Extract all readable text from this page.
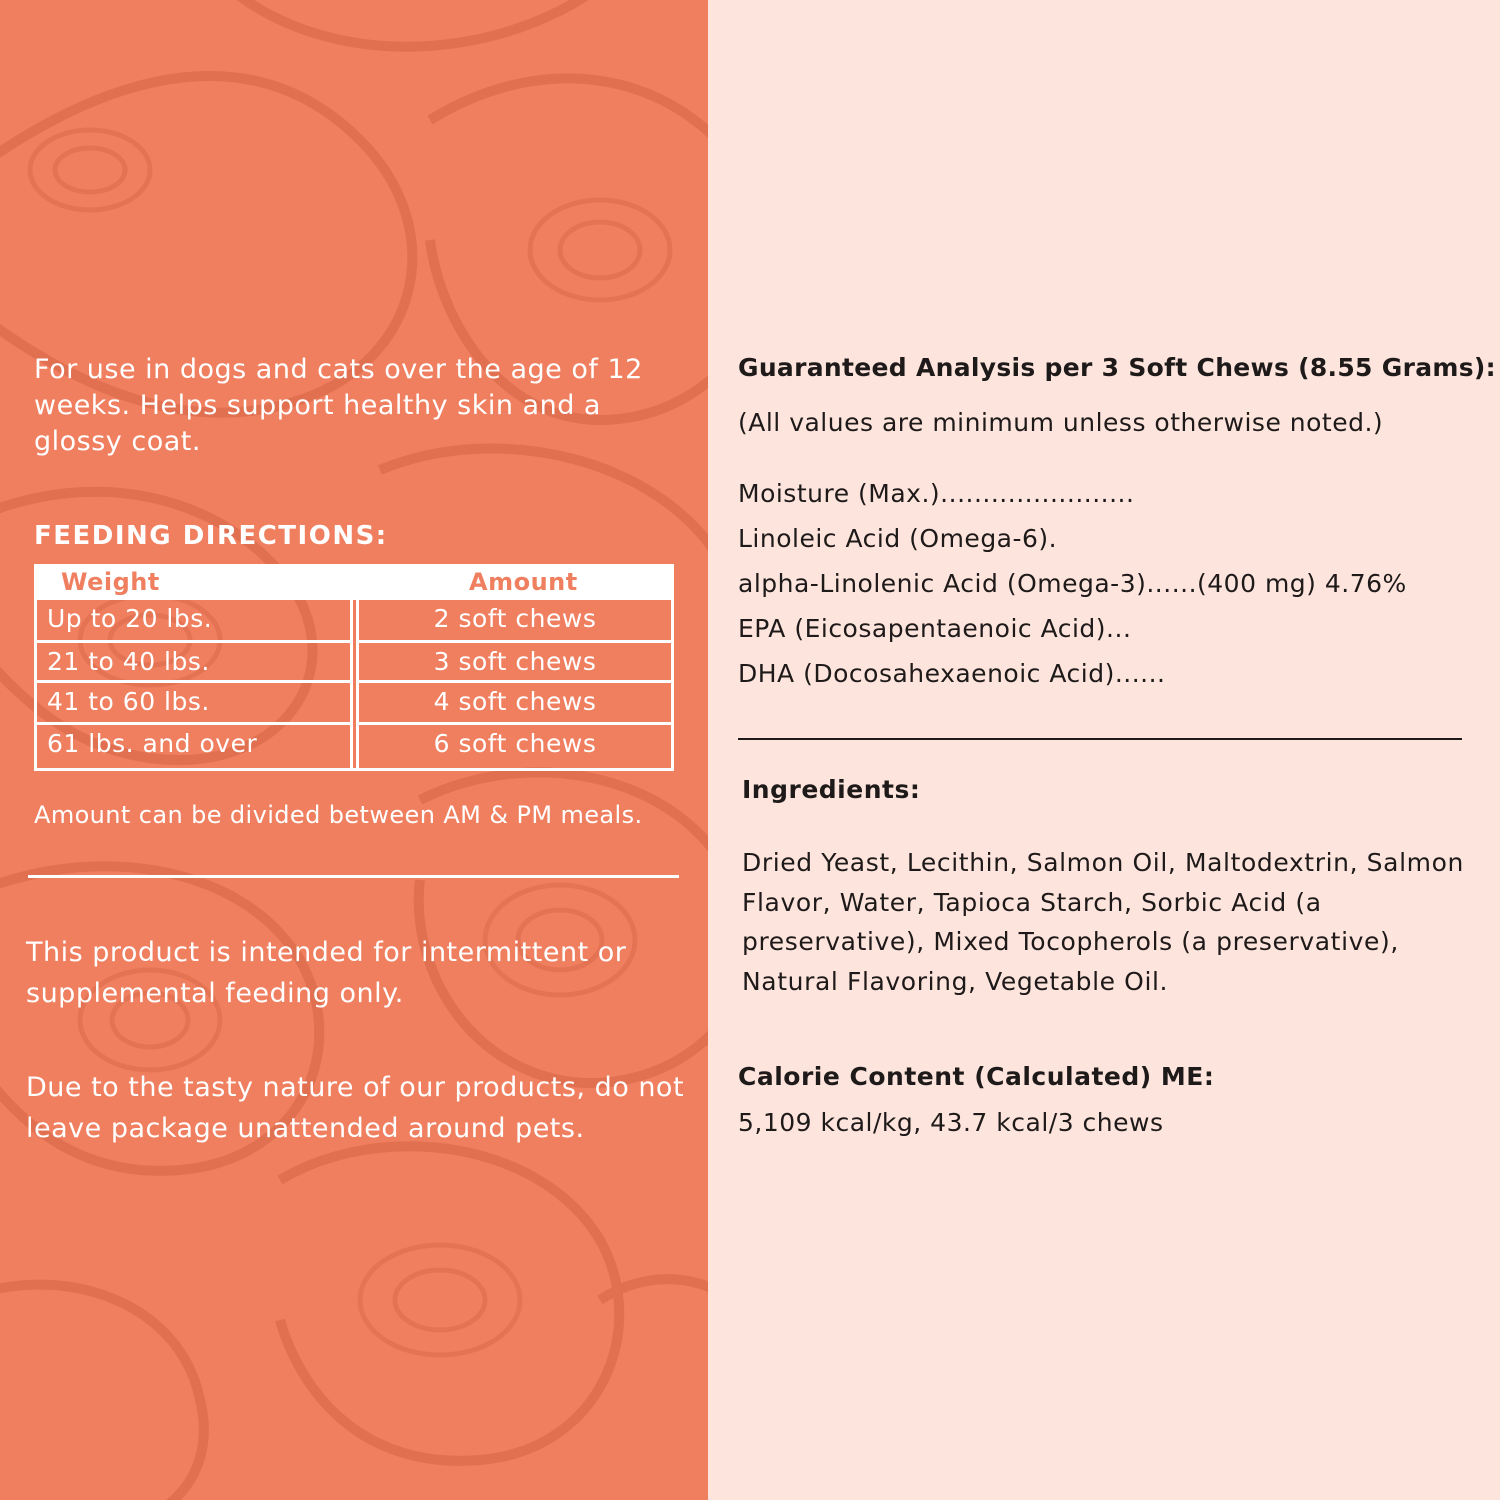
For use in dogs and cats over the age of 12 weeks. Helps support healthy skin and a glossy coat.
FEEDING DIRECTIONS:
Weight	Amount
Up to 20 lbs.	2 soft chews
21 to 40 lbs.	3 soft chews
41 to 60 lbs.	4 soft chews
61 lbs. and over	6 soft chews
Amount can be divided between AM & PM meals.
This product is intended for intermittent or supplemental feeding only.
Due to the tasty nature of our products, do not leave package unattended around pets.
Guaranteed Analysis per 3 Soft Chews (8.55 Grams):
(All values are minimum unless otherwise noted.)
Moisture (Max.).......................
Linoleic Acid (Omega-6).
alpha-Linolenic Acid (Omega-3)......(400 mg) 4.76%
EPA (Eicosapentaenoic Acid)...
DHA (Docosahexaenoic Acid)......
Ingredients:
Dried Yeast, Lecithin, Salmon Oil, Maltodextrin, Salmon Flavor, Water, Tapioca Starch, Sorbic Acid (a preservative), Mixed Tocopherols (a preservative), Natural Flavoring, Vegetable Oil.
Calorie Content (Calculated) ME:
5,109 kcal/kg, 43.7 kcal/3 chews
